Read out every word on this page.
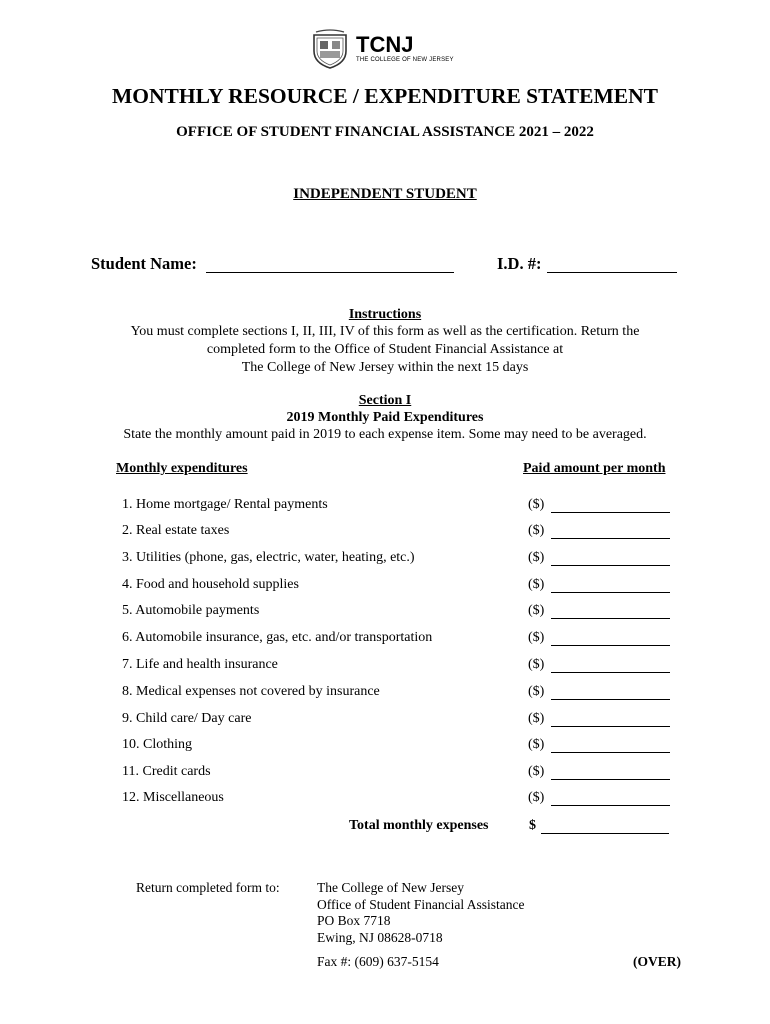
TCNJ
THE COLLEGE OF NEW JERSEY
MONTHLY RESOURCE / EXPENDITURE STATEMENT
OFFICE OF STUDENT FINANCIAL ASSISTANCE 2021 – 2022
INDEPENDENT STUDENT
Student Name:	I.D. #:
Instructions
You must complete sections I, II, III, IV of this form as well as the certification. Return the
completed form to the Office of Student Financial Assistance at
The College of New Jersey within the next 15 days
Section I
2019 Monthly Paid Expenditures
State the monthly amount paid in 2019 to each expense item. Some may need to be averaged.
Monthly expenditures	Paid amount per month
1. Home mortgage/ Rental payments	($)
2. Real estate taxes	($)
3. Utilities (phone, gas, electric, water, heating, etc.)	($)
4. Food and household supplies	($)
5. Automobile payments	($)
6. Automobile insurance, gas, etc. and/or transportation	($)
7. Life and health insurance	($)
8. Medical expenses not covered by insurance	($)
9. Child care/ Day care	($)
10. Clothing	($)
11. Credit cards	($)
12. Miscellaneous	($)
Total monthly expenses	$
Return completed form to:	The College of New Jersey
Office of Student Financial Assistance
PO Box 7718
Ewing, NJ 08628-0718
Fax #: (609) 637-5154	(OVER)
